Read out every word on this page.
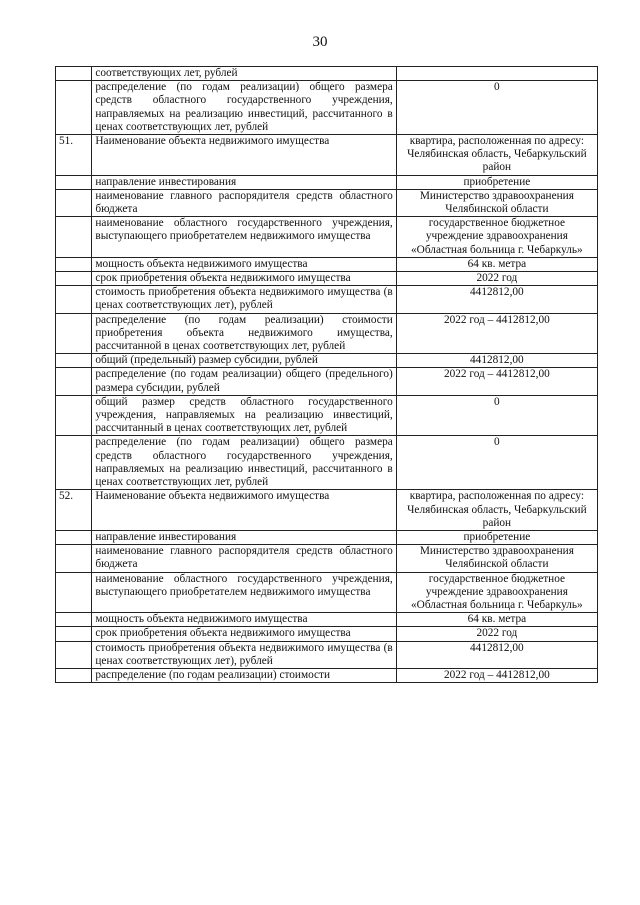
30
	соответствующих лет, рублей	
	распределение (по годам реализации) общего размера средств областного государственного учреждения, направляемых на реализацию инвестиций, рассчитанного в ценах соответствующих лет, рублей	0
51.	Наименование объекта недвижимого имущества	квартира, расположенная по адресу: Челябинская область, Чебаркульский район
	направление инвестирования	приобретение
	наименование главного распорядителя средств областного бюджета	Министерство здравоохранения Челябинской области
	наименование областного государственного учреждения, выступающего приобретателем недвижимого имущества	государственное бюджетное учреждение здравоохранения «Областная больница г. Чебаркуль»
	мощность объекта недвижимого имущества	64 кв. метра
	срок приобретения объекта недвижимого имущества	2022 год
	стоимость приобретения объекта недвижимого имущества (в ценах соответствующих лет), рублей	4412812,00
	распределение (по годам реализации) стоимости приобретения объекта недвижимого имущества, рассчитанной в ценах соответствующих лет, рублей	2022 год – 4412812,00
	общий (предельный) размер субсидии, рублей	4412812,00
	распределение (по годам реализации) общего (предельного) размера субсидии, рублей	2022 год – 4412812,00
	общий размер средств областного государственного учреждения, направляемых на реализацию инвестиций, рассчитанный в ценах соответствующих лет, рублей	0
	распределение (по годам реализации) общего размера средств областного государственного учреждения, направляемых на реализацию инвестиций, рассчитанного в ценах соответствующих лет, рублей	0
52.	Наименование объекта недвижимого имущества	квартира, расположенная по адресу: Челябинская область, Чебаркульский район
	направление инвестирования	приобретение
	наименование главного распорядителя средств областного бюджета	Министерство здравоохранения Челябинской области
	наименование областного государственного учреждения, выступающего приобретателем недвижимого имущества	государственное бюджетное учреждение здравоохранения «Областная больница г. Чебаркуль»
	мощность объекта недвижимого имущества	64 кв. метра
	срок приобретения объекта недвижимого имущества	2022 год
	стоимость приобретения объекта недвижимого имущества (в ценах соответствующих лет), рублей	4412812,00
	распределение (по годам реализации) стоимости	2022 год – 4412812,00
